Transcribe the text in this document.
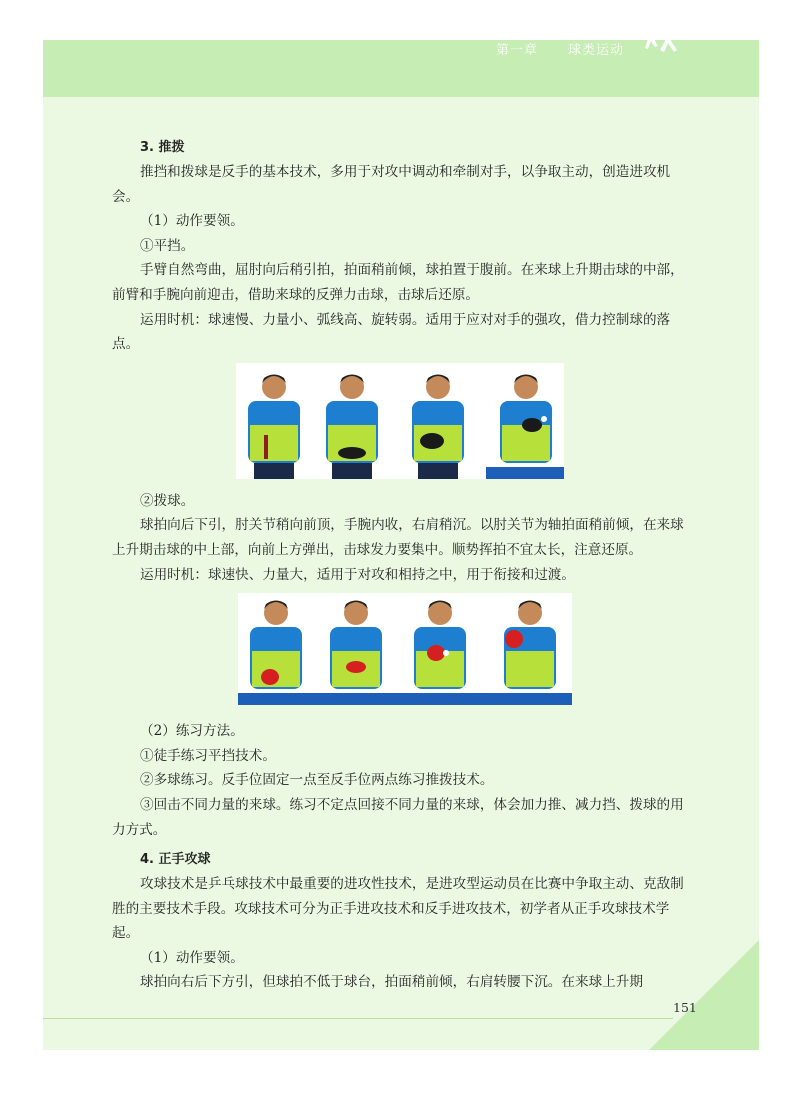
第一章 球类运动
3. 推拨

推挡和拨球是反手的基本技术，多用于对攻中调动和牵制对手，以争取主动，创造进攻机会。

（1）动作要领。

①平挡。

手臂自然弯曲，屈肘向后稍引拍，拍面稍前倾，球拍置于腹前。在来球上升期击球的中部，前臂和手腕向前迎击，借助来球的反弹力击球，击球后还原。

运用时机：球速慢、力量小、弧线高、旋转弱。适用于应对对手的强攻，借力控制球的落点。

②拨球。

球拍向后下引，肘关节稍向前顶，手腕内收，右肩稍沉。以肘关节为轴拍面稍前倾，在来球上升期击球的中上部，向前上方弹出，击球发力要集中。顺势挥拍不宜太长，注意还原。

运用时机：球速快、力量大，适用于对攻和相持之中，用于衔接和过渡。

（2）练习方法。

①徒手练习平挡技术。

②多球练习。反手位固定一点至反手位两点练习推拨技术。

③回击不同力量的来球。练习不定点回接不同力量的来球，体会加力推、减力挡、拨球的用力方式。

4. 正手攻球

攻球技术是乒乓球技术中最重要的进攻性技术，是进攻型运动员在比赛中争取主动、克敌制胜的主要技术手段。攻球技术可分为正手进攻技术和反手进攻技术，初学者从正手攻球技术学起。

（1）动作要领。

球拍向右后下方引，但球拍不低于球台，拍面稍前倾，右肩转腰下沉。在来球上升期

151
